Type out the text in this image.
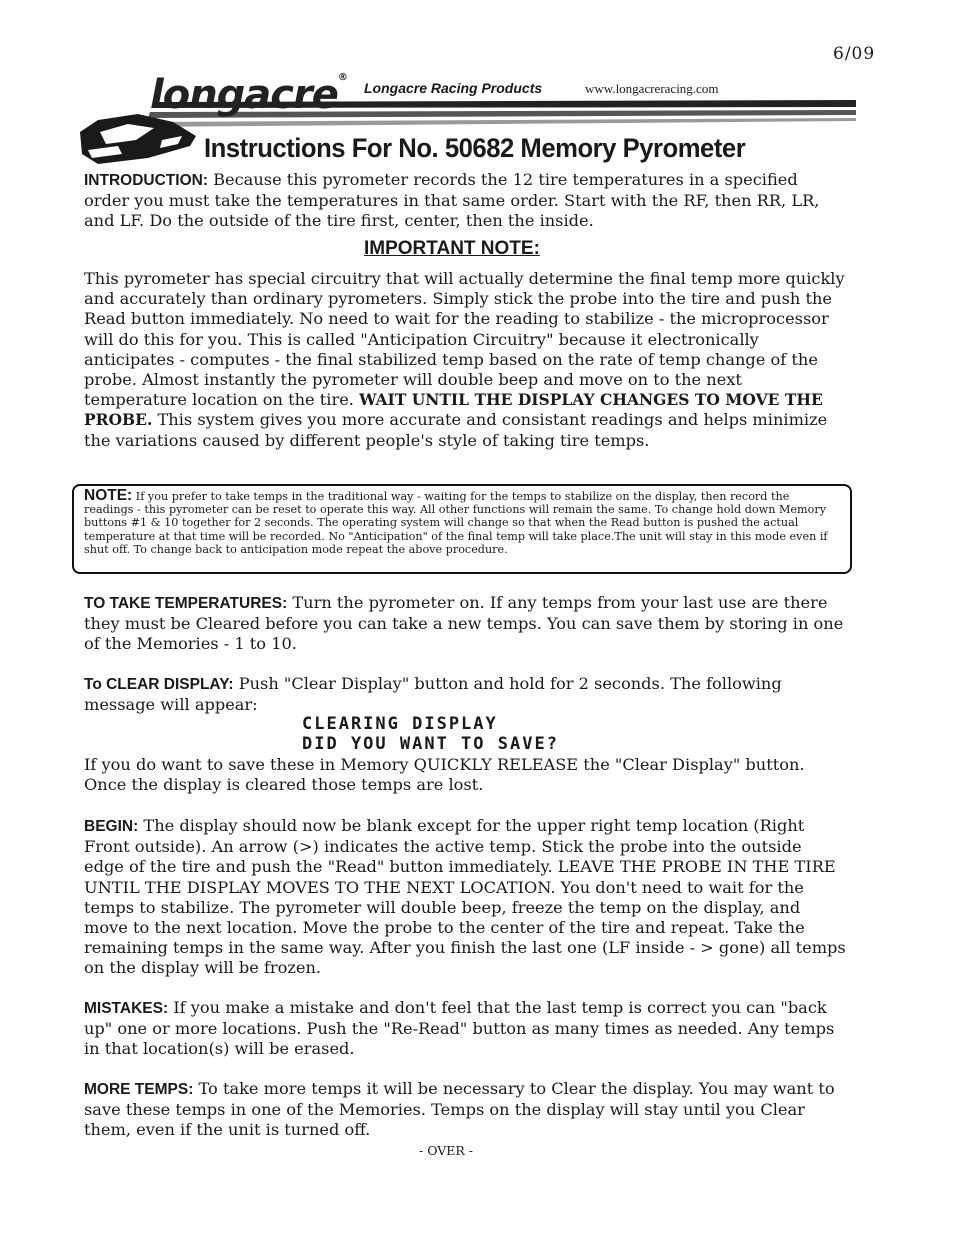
6/09
longacre®
Longacre Racing Products	www.longacreracing.com
Instructions For No. 50682 Memory Pyrometer
INTRODUCTION: Because this pyrometer records the 12 tire temperatures in a specified order you must take the temperatures in that same order. Start with the RF, then RR, LR, and LF. Do the outside of the tire first, center, then the inside.
IMPORTANT NOTE:
This pyrometer has special circuitry that will actually determine the final temp more quickly and accurately than ordinary pyrometers. Simply stick the probe into the tire and push the Read button immediately. No need to wait for the reading to stabilize - the microprocessor will do this for you. This is called "Anticipation Circuitry" because it electronically anticipates - computes - the final stabilized temp based on the rate of temp change of the probe. Almost instantly the pyrometer will double beep and move on to the next temperature location on the tire. WAIT UNTIL THE DISPLAY CHANGES TO MOVE THE PROBE. This system gives you more accurate and consistant readings and helps minimize the variations caused by different people's style of taking tire temps.
NOTE: If you prefer to take temps in the traditional way - waiting for the temps to stabilize on the display, then record the readings - this pyrometer can be reset to operate this way. All other functions will remain the same. To change hold down Memory buttons #1 & 10 together for 2 seconds. The operating system will change so that when the Read button is pushed the actual temperature at that time will be recorded. No "Anticipation" of the final temp will take place.The unit will stay in this mode even if shut off. To change back to anticipation mode repeat the above procedure.
TO TAKE TEMPERATURES: Turn the pyrometer on. If any temps from your last use are there they must be Cleared before you can take a new temps. You can save them by storing in one of the Memories - 1 to 10.
To CLEAR DISPLAY: Push "Clear Display" button and hold for 2 seconds. The following message will appear:
CLEARING DISPLAY
DID YOU WANT TO SAVE?
If you do want to save these in Memory QUICKLY RELEASE the "Clear Display" button. Once the display is cleared those temps are lost.
BEGIN: The display should now be blank except for the upper right temp location (Right Front outside). An arrow (>) indicates the active temp. Stick the probe into the outside edge of the tire and push the "Read" button immediately. LEAVE THE PROBE IN THE TIRE UNTIL THE DISPLAY MOVES TO THE NEXT LOCATION. You don't need to wait for the temps to stabilize. The pyrometer will double beep, freeze the temp on the display, and move to the next location. Move the probe to the center of the tire and repeat. Take the remaining temps in the same way. After you finish the last one (LF inside - > gone) all temps on the display will be frozen.
MISTAKES: If you make a mistake and don't feel that the last temp is correct you can "back up" one or more locations. Push the "Re-Read" button as many times as needed. Any temps in that location(s) will be erased.
MORE TEMPS: To take more temps it will be necessary to Clear the display. You may want to save these temps in one of the Memories. Temps on the display will stay until you Clear them, even if the unit is turned off.
- OVER -
